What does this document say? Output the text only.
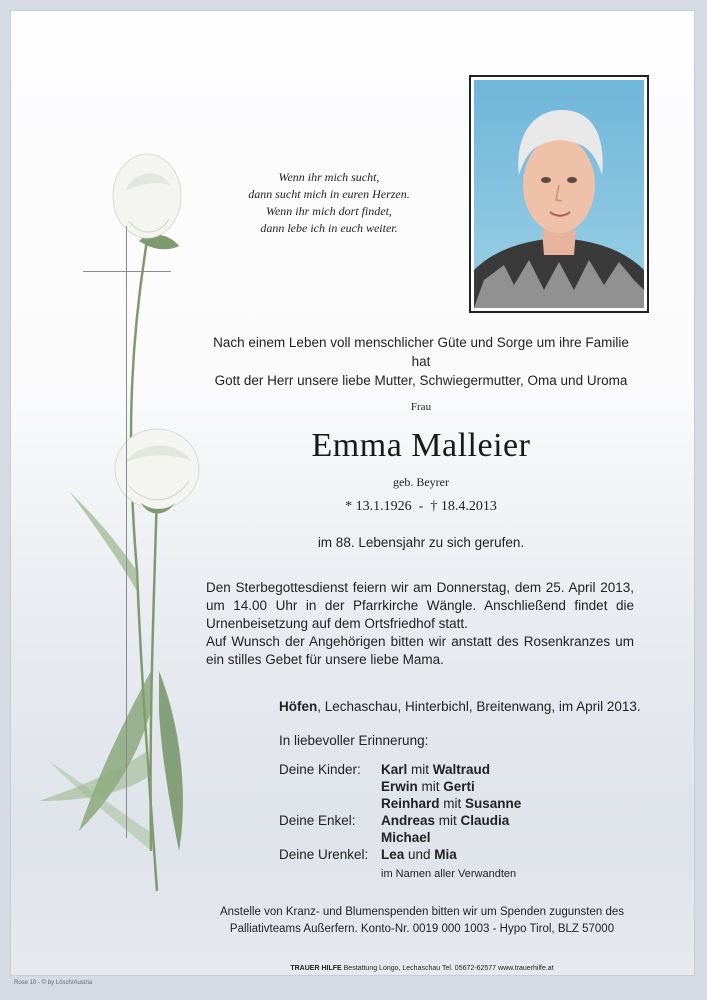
Wenn ihr mich sucht,
dann sucht mich in euren Herzen.
Wenn ihr mich dort findet,
dann lebe ich in euch weiter.
Nach einem Leben voll menschlicher Güte und Sorge um ihre Familie hat
Gott der Herr unsere liebe Mutter, Schwiegermutter, Oma und Uroma
Frau
Emma Malleier
geb. Beyrer
* 13.1.1926 - † 18.4.2013
im 88. Lebensjahr zu sich gerufen.
Den Sterbegottesdienst feiern wir am Donnerstag, dem 25. April 2013, um 14.00 Uhr in der Pfarrkirche Wängle. Anschließend findet die Urnenbeisetzung auf dem Ortsfriedhof statt.
Auf Wunsch der Angehörigen bitten wir anstatt des Rosenkranzes um ein stilles Gebet für unsere liebe Mama.
Höfen, Lechaschau, Hinterbichl, Breitenwang, im April 2013.
In liebevoller Erinnerung:
Deine Kinder: Karl mit Waltraud
Erwin mit Gerti
Reinhard mit Susanne
Deine Enkel: Andreas mit Claudia
Michael
Deine Urenkel: Lea und Mia
im Namen aller Verwandten
Anstelle von Kranz- und Blumenspenden bitten wir um Spenden zugunsten des
Palliativteams Außerfern. Konto-Nr. 0019 000 1003 - Hypo Tirol, BLZ 57000
TRAUER HILFE Bestattung Longo, Lechaschau Tel. 05672-62577 www.trauerhilfe.at
Rose 10 - © by Lösch/Austria
